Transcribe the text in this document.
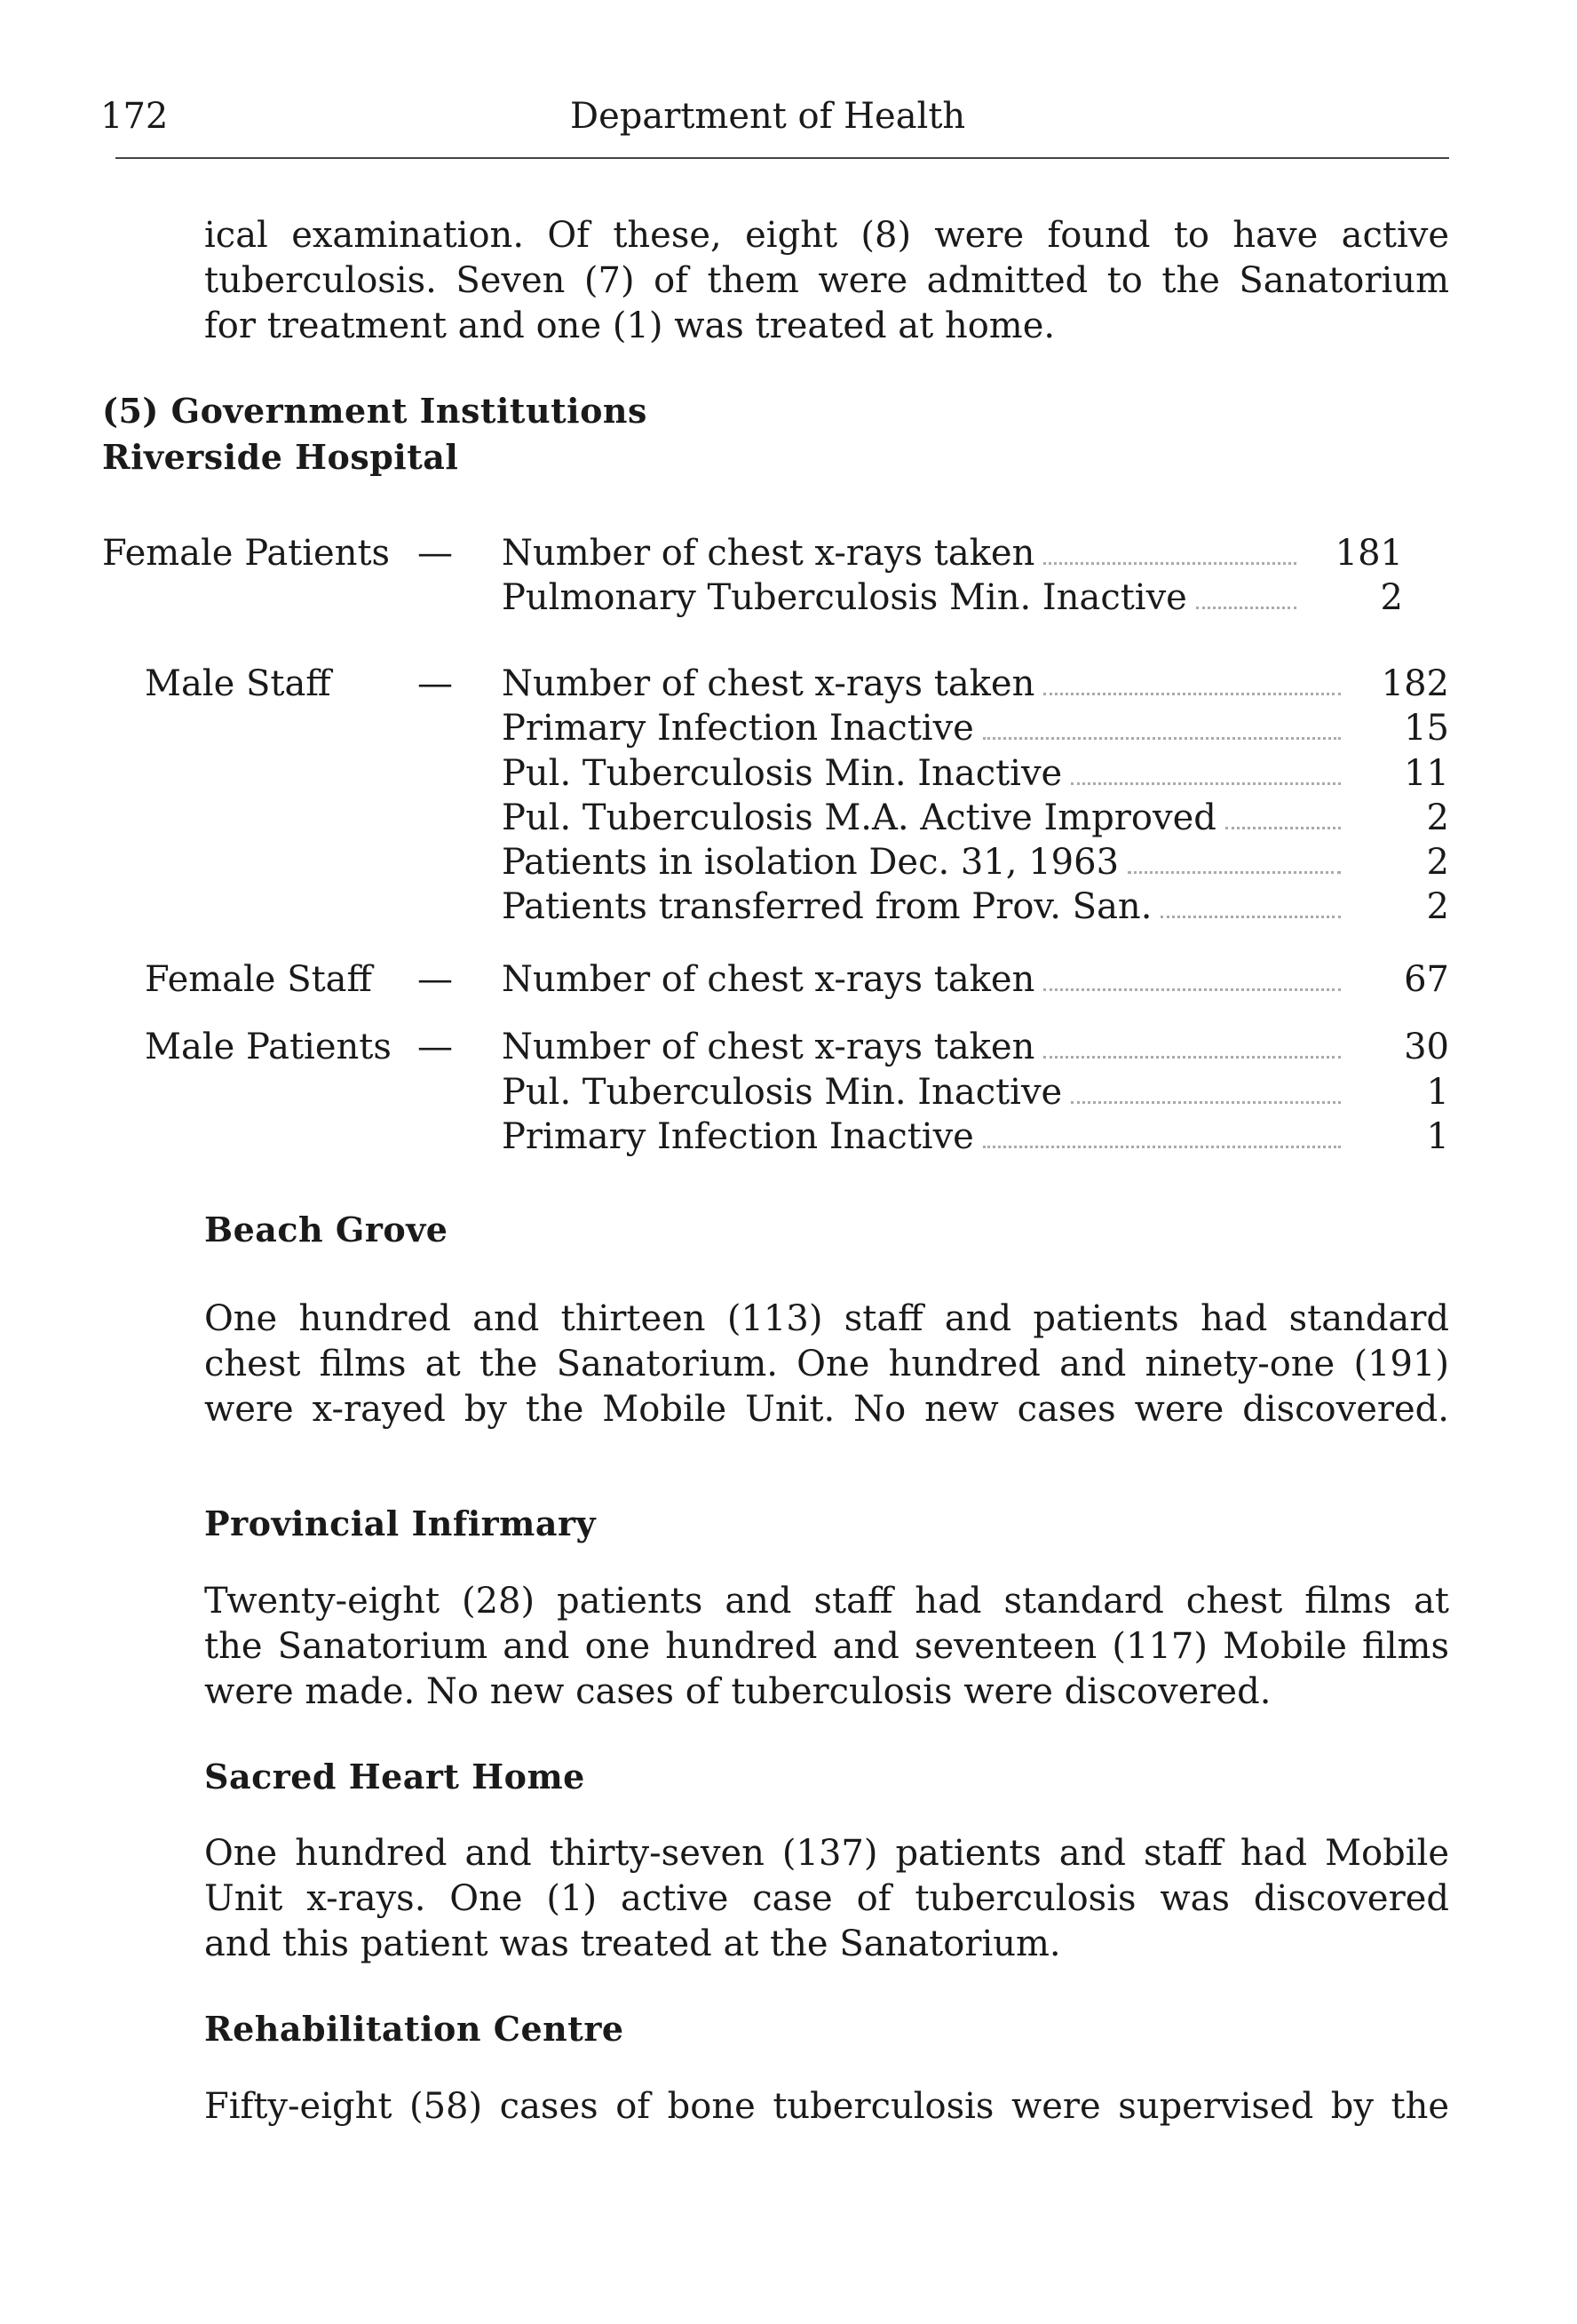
172	Department of Health
ical examination. Of these, eight (8) were found to have active
tuberculosis. Seven (7) of them were admitted to the Sanatorium
for treatment and one (1) was treated at home.
(5) Government Institutions
Riverside Hospital
Female Patients — Number of chest x-rays taken	181
Pulmonary Tuberculosis Min. Inactive	2
Male Staff — Number of chest x-rays taken	182
Primary Infection Inactive	15
Pul. Tuberculosis Min. Inactive	11
Pul. Tuberculosis M.A. Active Improved	2
Patients in isolation Dec. 31, 1963	2
Patients transferred from Prov. San.	2
Female Staff — Number of chest x-rays taken	67
Male Patients — Number of chest x-rays taken	30
Pul. Tuberculosis Min. Inactive	1
Primary Infection Inactive	1
Beach Grove
One hundred and thirteen (113) staff and patients had standard
chest films at the Sanatorium. One hundred and ninety-one (191)
were x-rayed by the Mobile Unit. No new cases were discovered.
Provincial Infirmary
Twenty-eight (28) patients and staff had standard chest films at
the Sanatorium and one hundred and seventeen (117) Mobile films
were made. No new cases of tuberculosis were discovered.
Sacred Heart Home
One hundred and thirty-seven (137) patients and staff had Mobile
Unit x-rays. One (1) active case of tuberculosis was discovered
and this patient was treated at the Sanatorium.
Rehabilitation Centre
Fifty-eight (58) cases of bone tuberculosis were supervised by the
